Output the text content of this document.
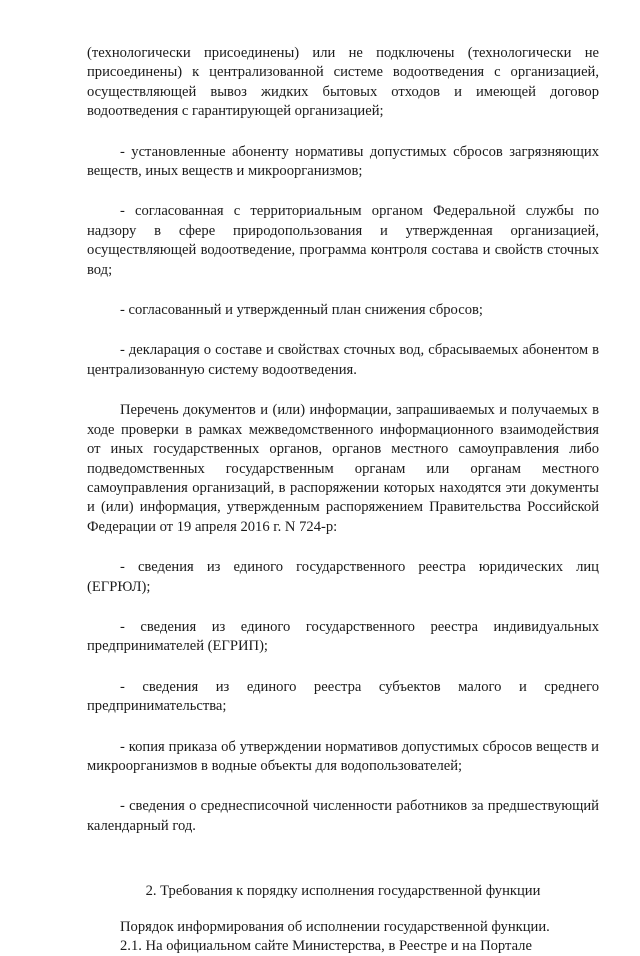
(технологически присоединены) или не подключены (технологически не присоединены) к централизованной системе водоотведения с организацией, осуществляющей вывоз жидких бытовых отходов и имеющей договор водоотведения с гарантирующей организацией;

- установленные абоненту нормативы допустимых сбросов загрязняющих веществ, иных веществ и микроорганизмов;

- согласованная с территориальным органом Федеральной службы по надзору в сфере природопользования и утвержденная организацией, осуществляющей водоотведение, программа контроля состава и свойств сточных вод;

- согласованный и утвержденный план снижения сбросов;

- декларация о составе и свойствах сточных вод, сбрасываемых абонентом в централизованную систему водоотведения.

Перечень документов и (или) информации, запрашиваемых и получаемых в ходе проверки в рамках межведомственного информационного взаимодействия от иных государственных органов, органов местного самоуправления либо подведомственных государственным органам или органам местного самоуправления организаций, в распоряжении которых находятся эти документы и (или) информация, утвержденным распоряжением Правительства Российской Федерации от 19 апреля 2016 г. N 724-р:

- сведения из единого государственного реестра юридических лиц (ЕГРЮЛ);

- сведения из единого государственного реестра индивидуальных предпринимателей (ЕГРИП);

- сведения из единого реестра субъектов малого и среднего предпринимательства;

- копия приказа об утверждении нормативов допустимых сбросов веществ и микроорганизмов в водные объекты для водопользователей;

- сведения о среднесписочной численности работников за предшествующий календарный год.

2. Требования к порядку исполнения государственной функции

Порядок информирования об исполнении государственной функции.

2.1. На официальном сайте Министерства, в Реестре и на Портале
